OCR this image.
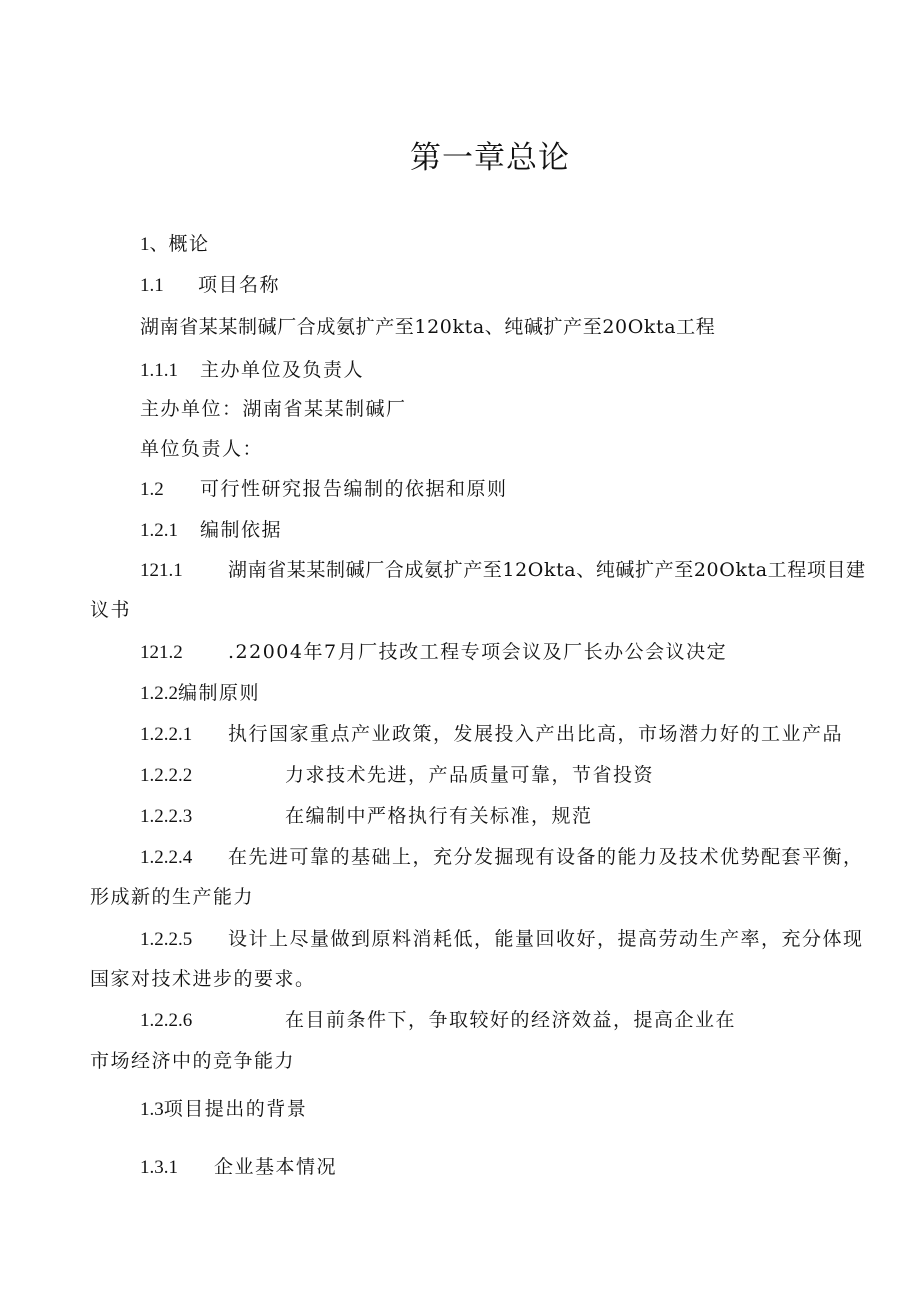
第一章总论
1、概论
1.1 项目名称
湖南省某某制碱厂合成氨扩产至120kta、纯碱扩产至20Okta工程
1.1.1 主办单位及负责人
主办单位：湖南省某某制碱厂
单位负责人：
1.2 可行性研究报告编制的依据和原则
1.2.1 编制依据
121.1 湖南省某某制碱厂合成氨扩产至12Okta、纯碱扩产至20Okta工程项目建
议书
121.2 .22004年7月厂技改工程专项会议及厂长办公会议决定
1.2.2编制原则
1.2.2.1 执行国家重点产业政策，发展投入产出比高，市场潜力好的工业产品
1.2.2.2	力求技术先进，产品质量可靠，节省投资
1.2.2.3	在编制中严格执行有关标准，规范
1.2.2.4 在先进可靠的基础上，充分发掘现有设备的能力及技术优势配套平衡，
形成新的生产能力
1.2.2.5 设计上尽量做到原料消耗低，能量回收好，提高劳动生产率，充分体现
国家对技术进步的要求。
1.2.2.6	在目前条件下，争取较好的经济效益，提高企业在
市场经济中的竞争能力
1.3项目提出的背景
1.3.1 企业基本情况
